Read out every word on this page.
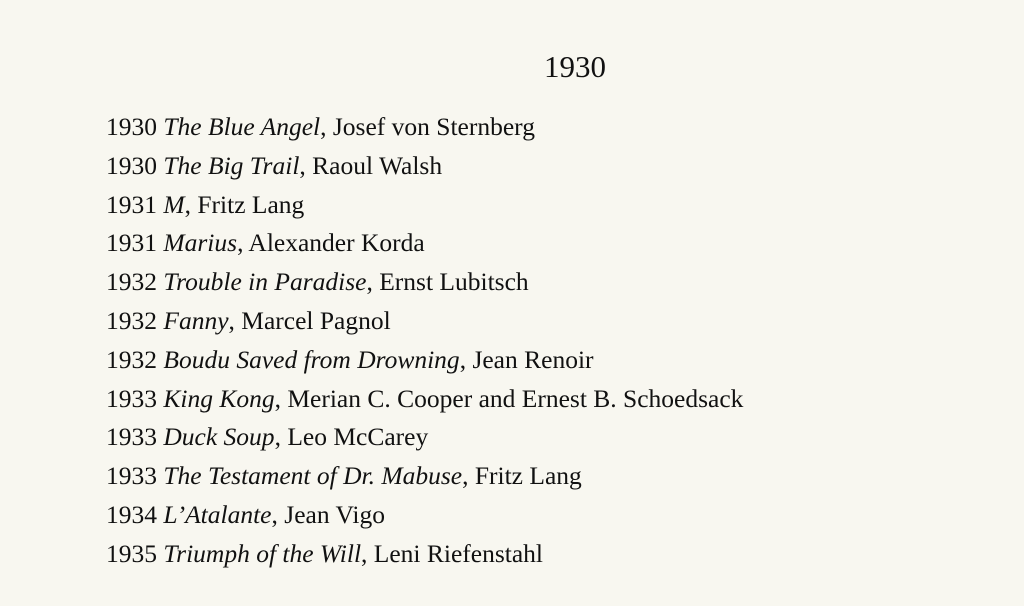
1930
1930 The Blue Angel, Josef von Sternberg
1930 The Big Trail, Raoul Walsh
1931 M, Fritz Lang
1931 Marius, Alexander Korda
1932 Trouble in Paradise, Ernst Lubitsch
1932 Fanny, Marcel Pagnol
1932 Boudu Saved from Drowning, Jean Renoir
1933 King Kong, Merian C. Cooper and Ernest B. Schoedsack
1933 Duck Soup, Leo McCarey
1933 The Testament of Dr. Mabuse, Fritz Lang
1934 L’Atalante, Jean Vigo
1935 Triumph of the Will, Leni Riefenstahl
